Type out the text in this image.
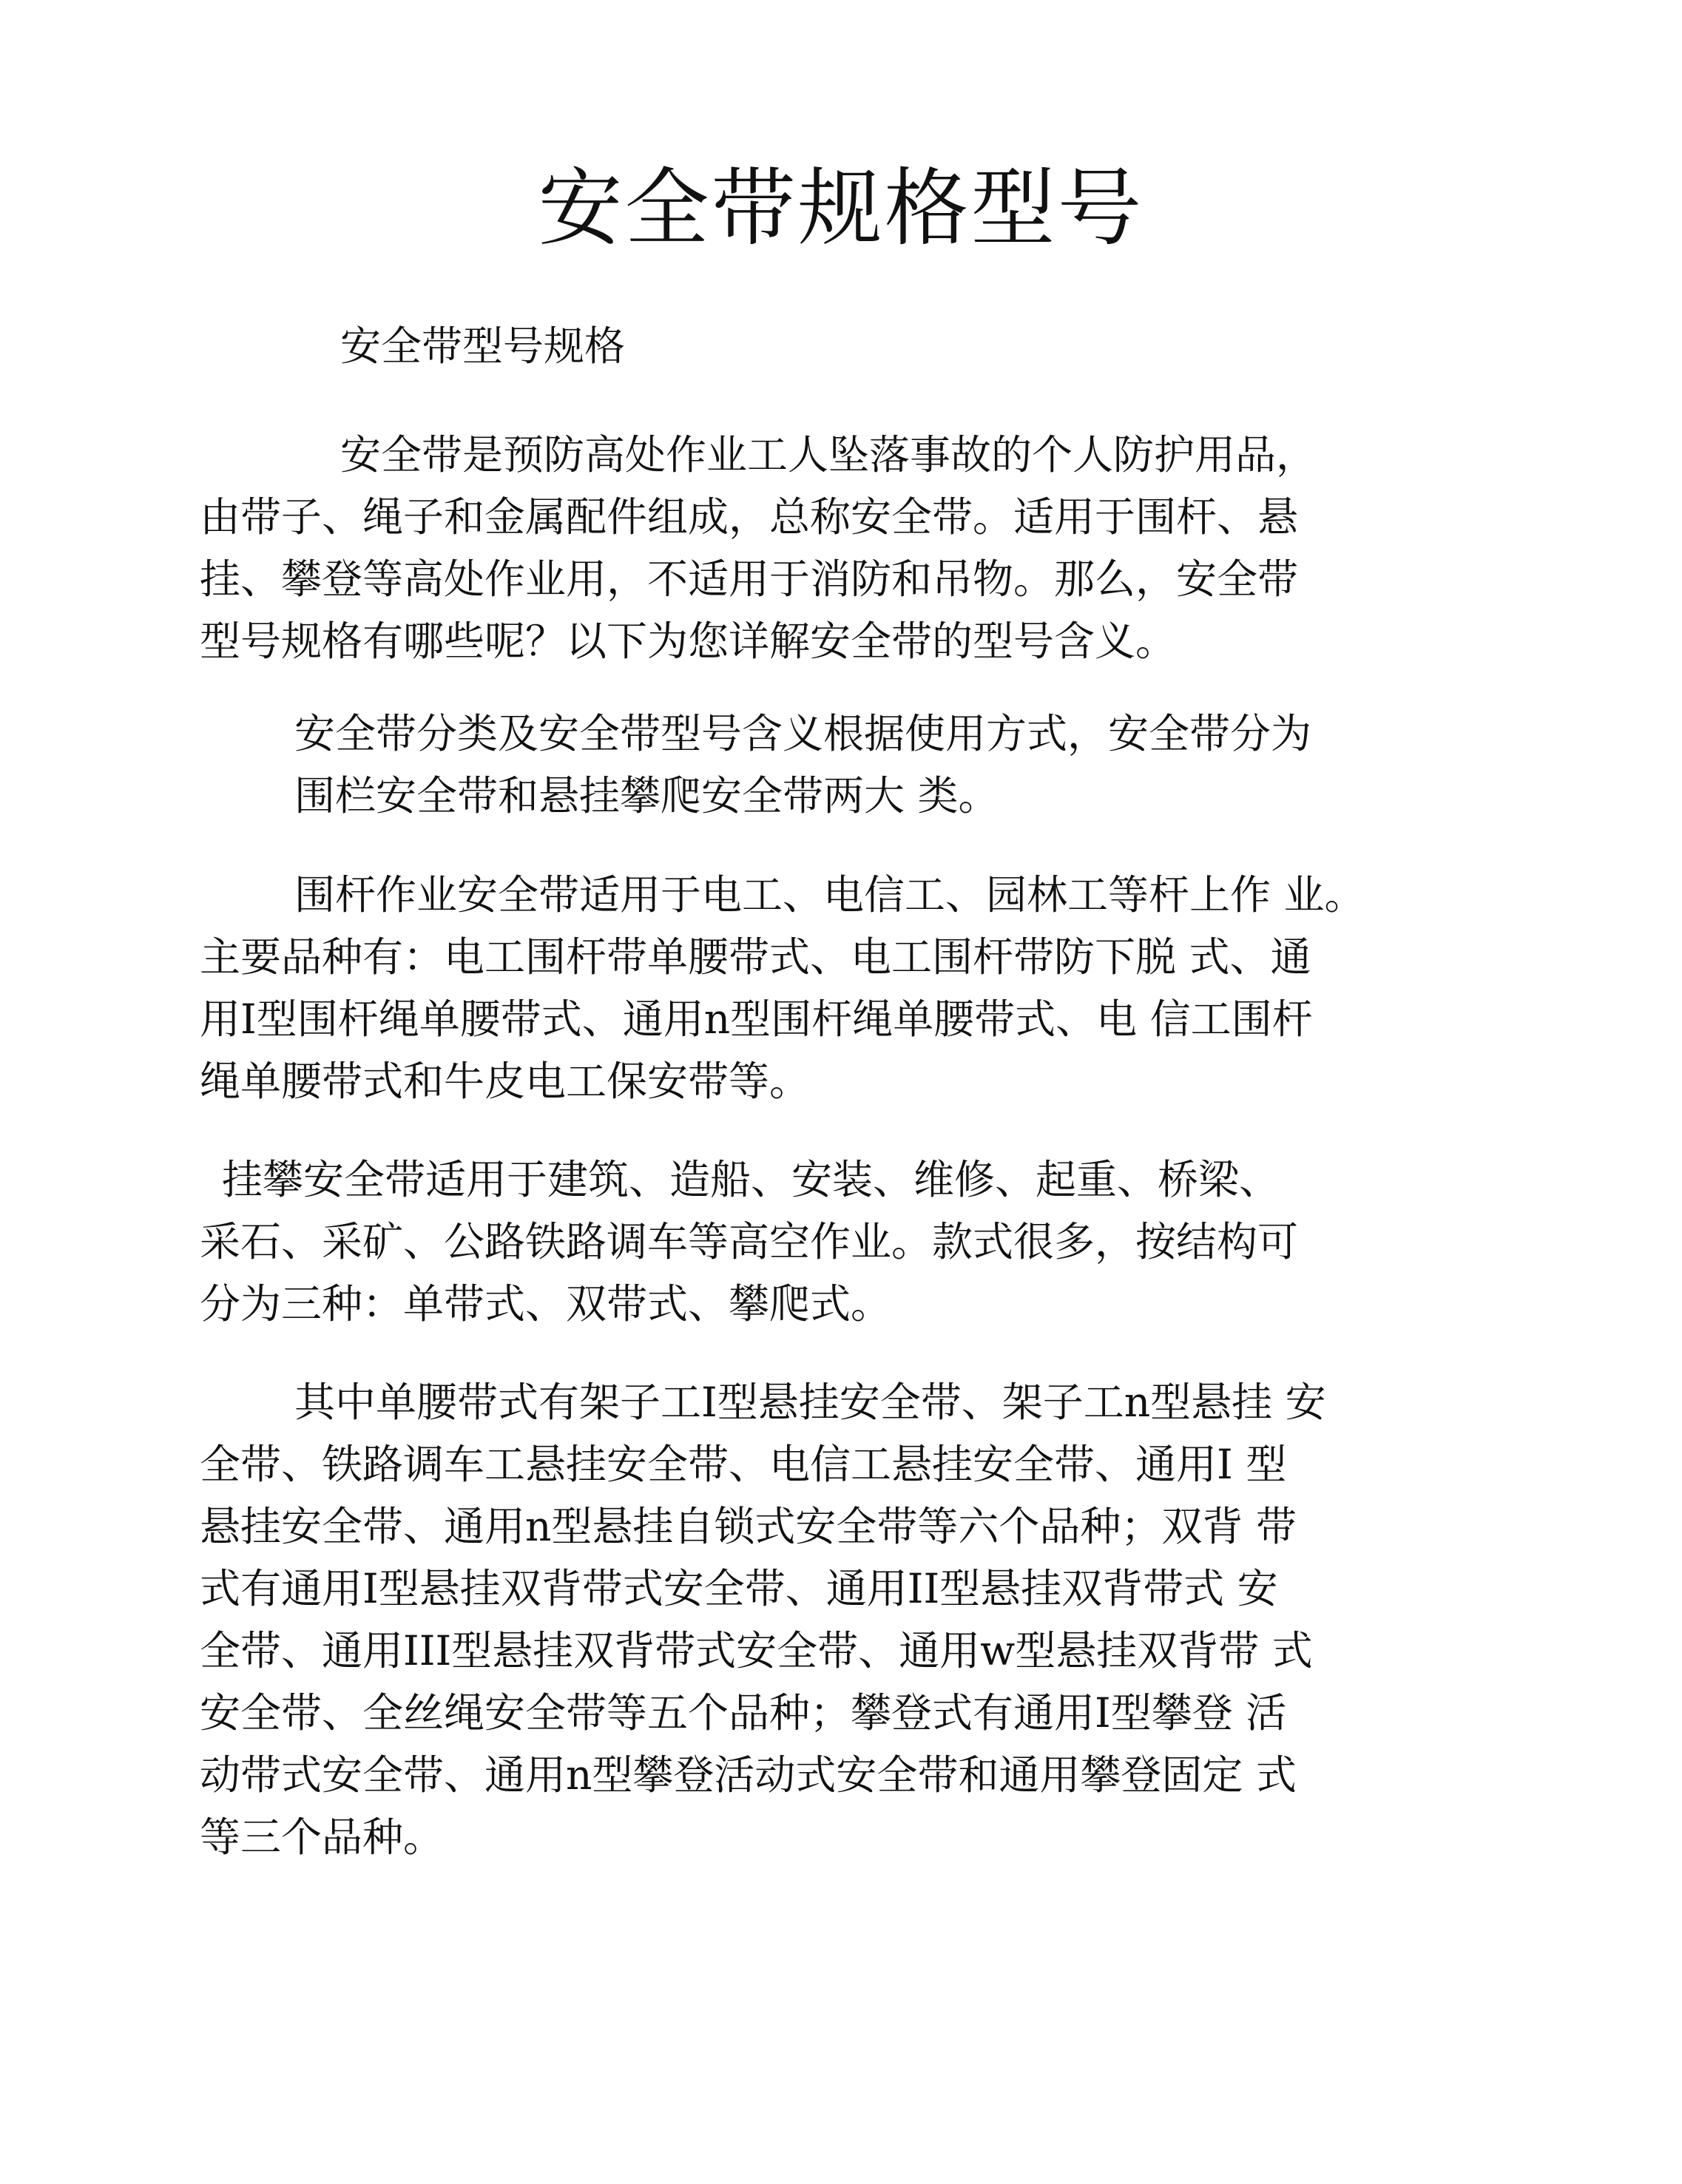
安全带规格型号

安全带型号规格

安全带是预防高处作业工人坠落事故的个人防护用品，

由带子、绳子和金属配件组成，总称安全带。适用于围杆、悬

挂、攀登等高处作业用，不适用于消防和吊物。那么，安全带

型号规格有哪些呢？以下为您详解安全带的型号含义。

安全带分类及安全带型号含义根据使用方式，安全带分为

围栏安全带和悬挂攀爬安全带两大 类。

围杆作业安全带适用于电工、电信工、园林工等杆上作 业。

主要品种有：电工围杆带单腰带式、电工围杆带防下脱 式、通

用I型围杆绳单腰带式、通用n型围杆绳单腰带式、电 信工围杆

绳单腰带式和牛皮电工保安带等。

挂攀安全带适用于建筑、造船、安装、维修、起重、桥梁、

采石、采矿、公路铁路调车等高空作业。款式很多，按结构可

分为三种：单带式、双带式、攀爬式。

其中单腰带式有架子工I型悬挂安全带、架子工n型悬挂 安

全带、铁路调车工悬挂安全带、电信工悬挂安全带、通用I 型

悬挂安全带、通用n型悬挂自锁式安全带等六个品种；双背 带

式有通用I型悬挂双背带式安全带、通用II型悬挂双背带式 安

全带、通用III型悬挂双背带式安全带、通用w型悬挂双背带 式

安全带、全丝绳安全带等五个品种；攀登式有通用I型攀登 活

动带式安全带、通用n型攀登活动式安全带和通用攀登固定 式

等三个品种。
